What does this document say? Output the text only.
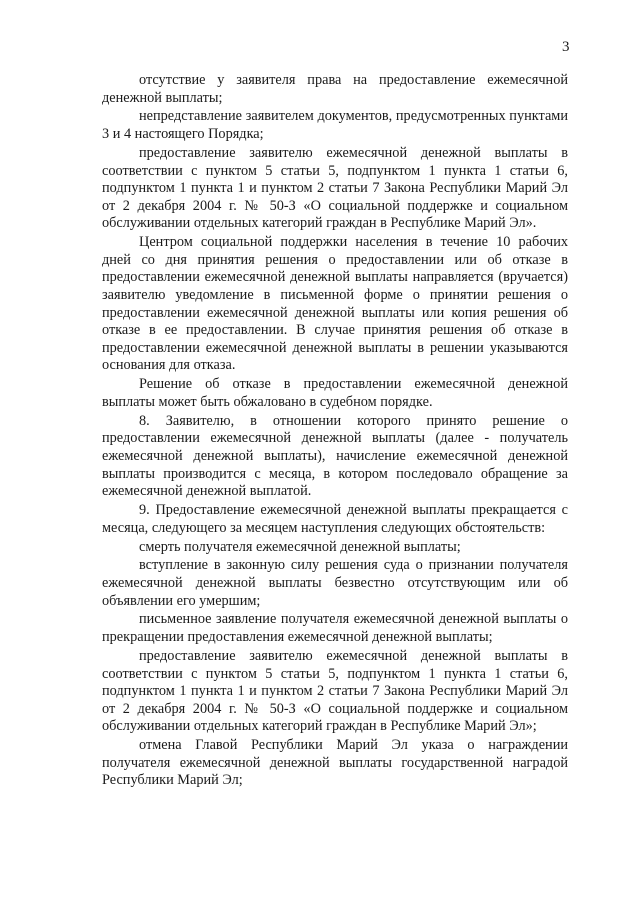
3

отсутствие у заявителя права на предоставление ежемесячной денежной выплаты;

непредставление заявителем документов, предусмотренных пунктами 3 и 4 настоящего Порядка;

предоставление заявителю ежемесячной денежной выплаты в соответствии с пунктом 5 статьи 5, подпунктом 1 пункта 1 статьи 6, подпунктом 1 пункта 1 и пунктом 2 статьи 7 Закона Республики Марий Эл от 2 декабря 2004 г. № 50-З «О социальной поддержке и социальном обслуживании отдельных категорий граждан в Республике Марий Эл».

Центром социальной поддержки населения в течение 10 рабочих дней со дня принятия решения о предоставлении или об отказе в предоставлении ежемесячной денежной выплаты направляется (вручается) заявителю уведомление в письменной форме о принятии решения о предоставлении ежемесячной денежной выплаты или копия решения об отказе в ее предоставлении. В случае принятия решения об отказе в предоставлении ежемесячной денежной выплаты в решении указываются основания для отказа.

Решение об отказе в предоставлении ежемесячной денежной выплаты может быть обжаловано в судебном порядке.

8. Заявителю, в отношении которого принято решение о предоставлении ежемесячной денежной выплаты (далее - получатель ежемесячной денежной выплаты), начисление ежемесячной денежной выплаты производится с месяца, в котором последовало обращение за ежемесячной денежной выплатой.

9. Предоставление ежемесячной денежной выплаты прекращается с месяца, следующего за месяцем наступления следующих обстоятельств:

смерть получателя ежемесячной денежной выплаты;

вступление в законную силу решения суда о признании получателя ежемесячной денежной выплаты безвестно отсутствующим или об объявлении его умершим;

письменное заявление получателя ежемесячной денежной выплаты о прекращении предоставления ежемесячной денежной выплаты;

предоставление заявителю ежемесячной денежной выплаты в соответствии с пунктом 5 статьи 5, подпунктом 1 пункта 1 статьи 6, подпунктом 1 пункта 1 и пунктом 2 статьи 7 Закона Республики Марий Эл от 2 декабря 2004 г. № 50-З «О социальной поддержке и социальном обслуживании отдельных категорий граждан в Республике Марий Эл»;

отмена Главой Республики Марий Эл указа о награждении получателя ежемесячной денежной выплаты государственной наградой Республики Марий Эл;
